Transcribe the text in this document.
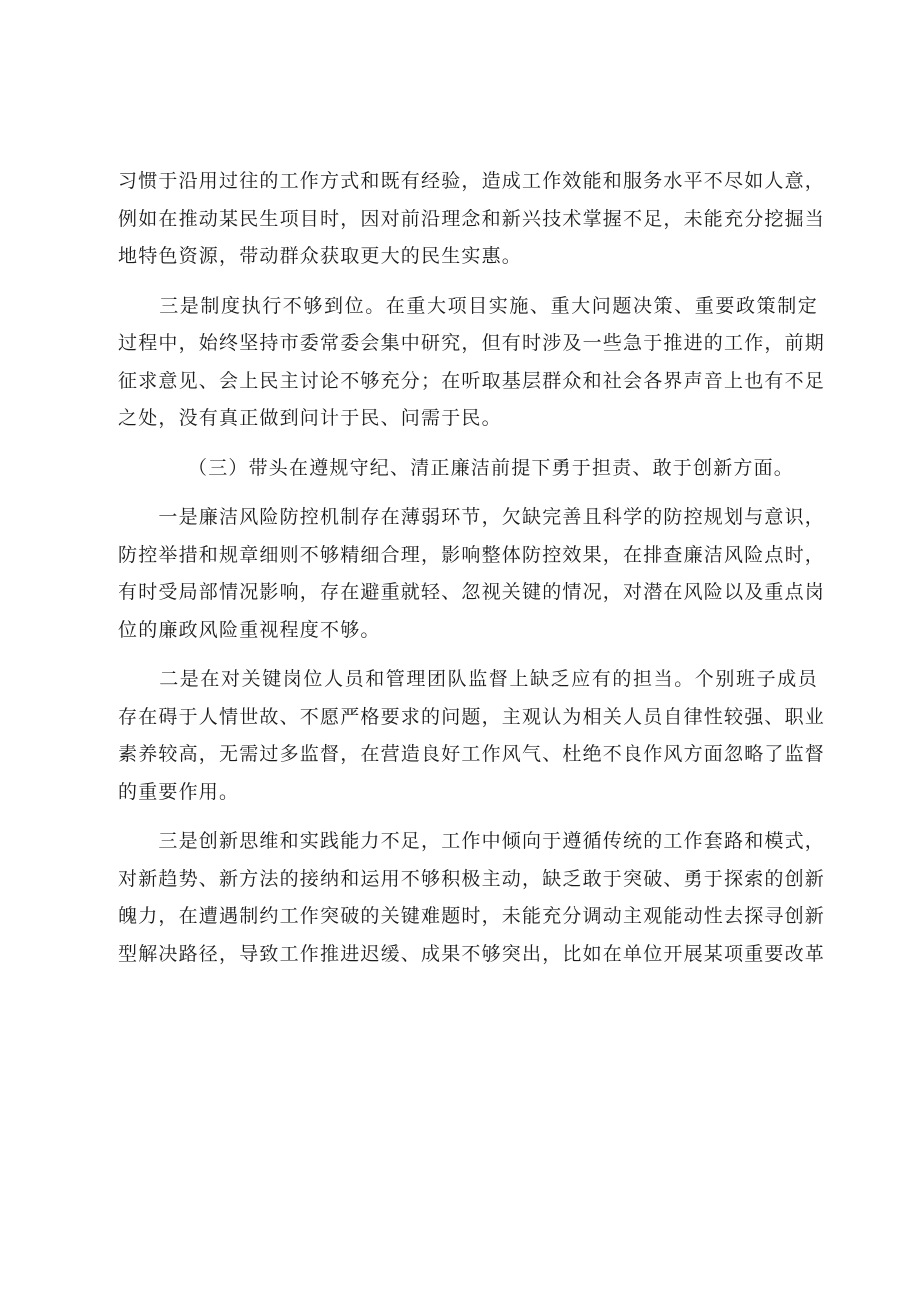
习惯于沿用过往的工作方式和既有经验，造成工作效能和服务水平不尽如人意，
例如在推动某民生项目时，因对前沿理念和新兴技术掌握不足，未能充分挖掘当
地特色资源，带动群众获取更大的民生实惠。
　　三是制度执行不够到位。在重大项目实施、重大问题决策、重要政策制定
过程中，始终坚持市委常委会集中研究，但有时涉及一些急于推进的工作，前期
征求意见、会上民主讨论不够充分；在听取基层群众和社会各界声音上也有不足
之处，没有真正做到问计于民、问需于民。
（三）带头在遵规守纪、清正廉洁前提下勇于担责、敢于创新方面。
　　一是廉洁风险防控机制存在薄弱环节，欠缺完善且科学的防控规划与意识，
防控举措和规章细则不够精细合理，影响整体防控效果，在排查廉洁风险点时，
有时受局部情况影响，存在避重就轻、忽视关键的情况，对潜在风险以及重点岗
位的廉政风险重视程度不够。
　　二是在对关键岗位人员和管理团队监督上缺乏应有的担当。个别班子成员
存在碍于人情世故、不愿严格要求的问题，主观认为相关人员自律性较强、职业
素养较高，无需过多监督，在营造良好工作风气、杜绝不良作风方面忽略了监督
的重要作用。
　　三是创新思维和实践能力不足，工作中倾向于遵循传统的工作套路和模式，
对新趋势、新方法的接纳和运用不够积极主动，缺乏敢于突破、勇于探索的创新
魄力，在遭遇制约工作突破的关键难题时，未能充分调动主观能动性去探寻创新
型解决路径，导致工作推进迟缓、成果不够突出，比如在单位开展某项重要改革
